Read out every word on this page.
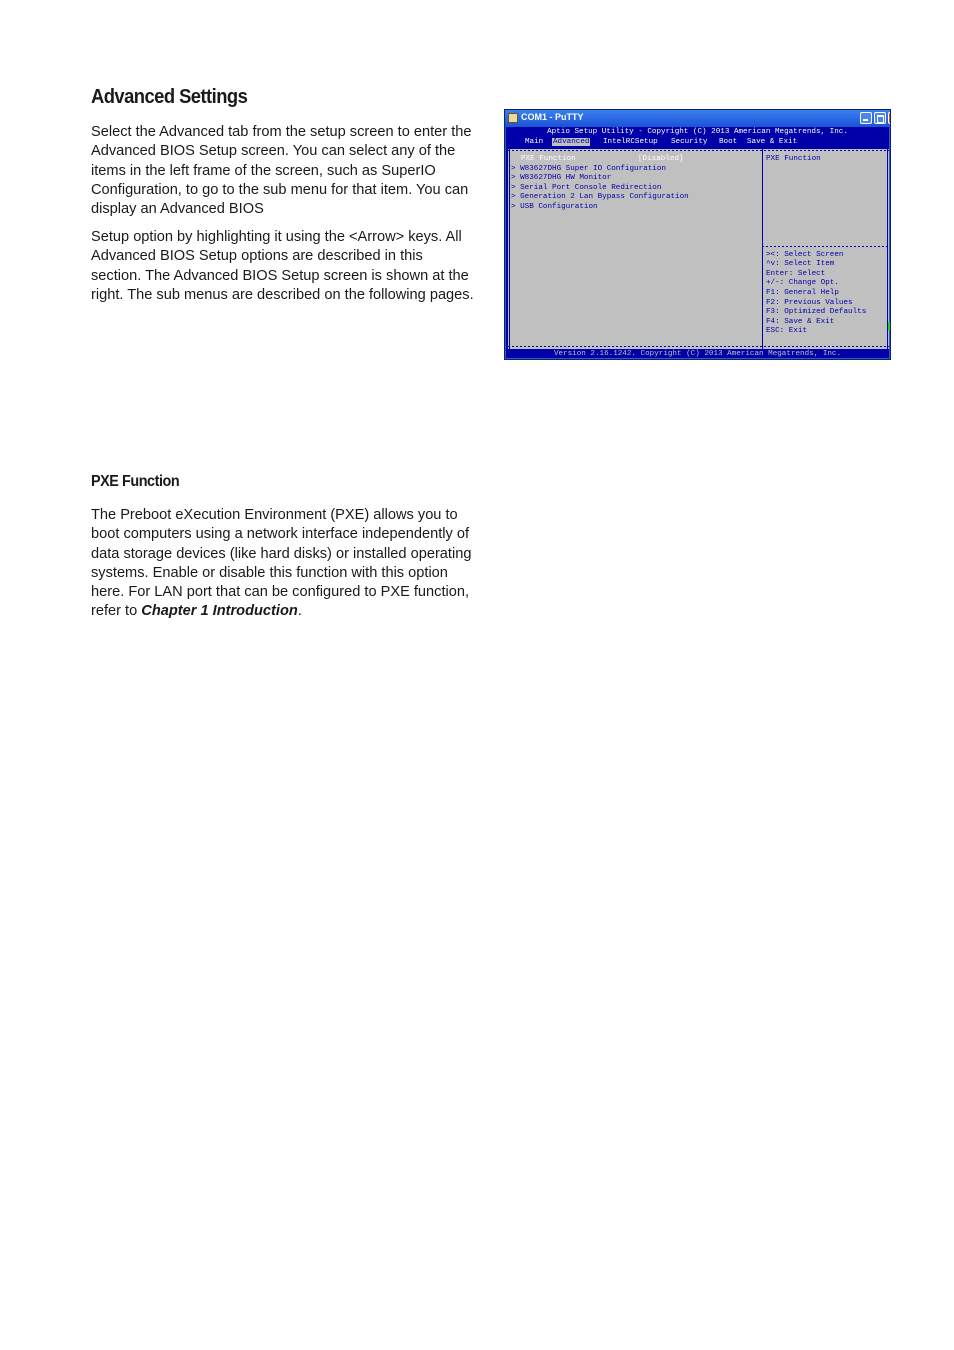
Advanced Settings

Select the Advanced tab from the setup screen to enter the Advanced BIOS Setup screen. You can select any of the items in the left frame of the screen, such as SuperIO Configuration, to go to the sub menu for that item. You can display an Advanced BIOS

Setup option by highlighting it using the <Arrow> keys. All Advanced BIOS Setup options are described in this section. The Advanced BIOS Setup screen is shown at the right. The sub menus are described on the following pages.

PXE Function

The Preboot eXecution Environment (PXE) allows you to boot computers using a network interface independently of data storage devices (like hard disks) or installed operating systems. Enable or disable this function with this option here. For LAN port that can be configured to PXE function, refer to Chapter 1 Introduction.

COM1 - PuTTY
Aptio Setup Utility - Copyright (C) 2013 American Megatrends, Inc.

Main

Advanced

IntelRCSetup

Security

Boot

Save & Exit

PXE Function	[Disabled]
> W83627DHG Super IO Configuration
> W83627DHG HW Monitor
> Serial Port Console Redirection
> Generation 2 Lan Bypass Configuration
> USB Configuration
PXE Function
><: Select Screen
^v: Select Item
Enter: Select
+/-: Change Opt.
F1: General Help
F2: Previous Values
F3: Optimized Defaults
F4: Save & Exit
ESC: Exit
Version 2.16.1242. Copyright (C) 2013 American Megatrends, Inc.
